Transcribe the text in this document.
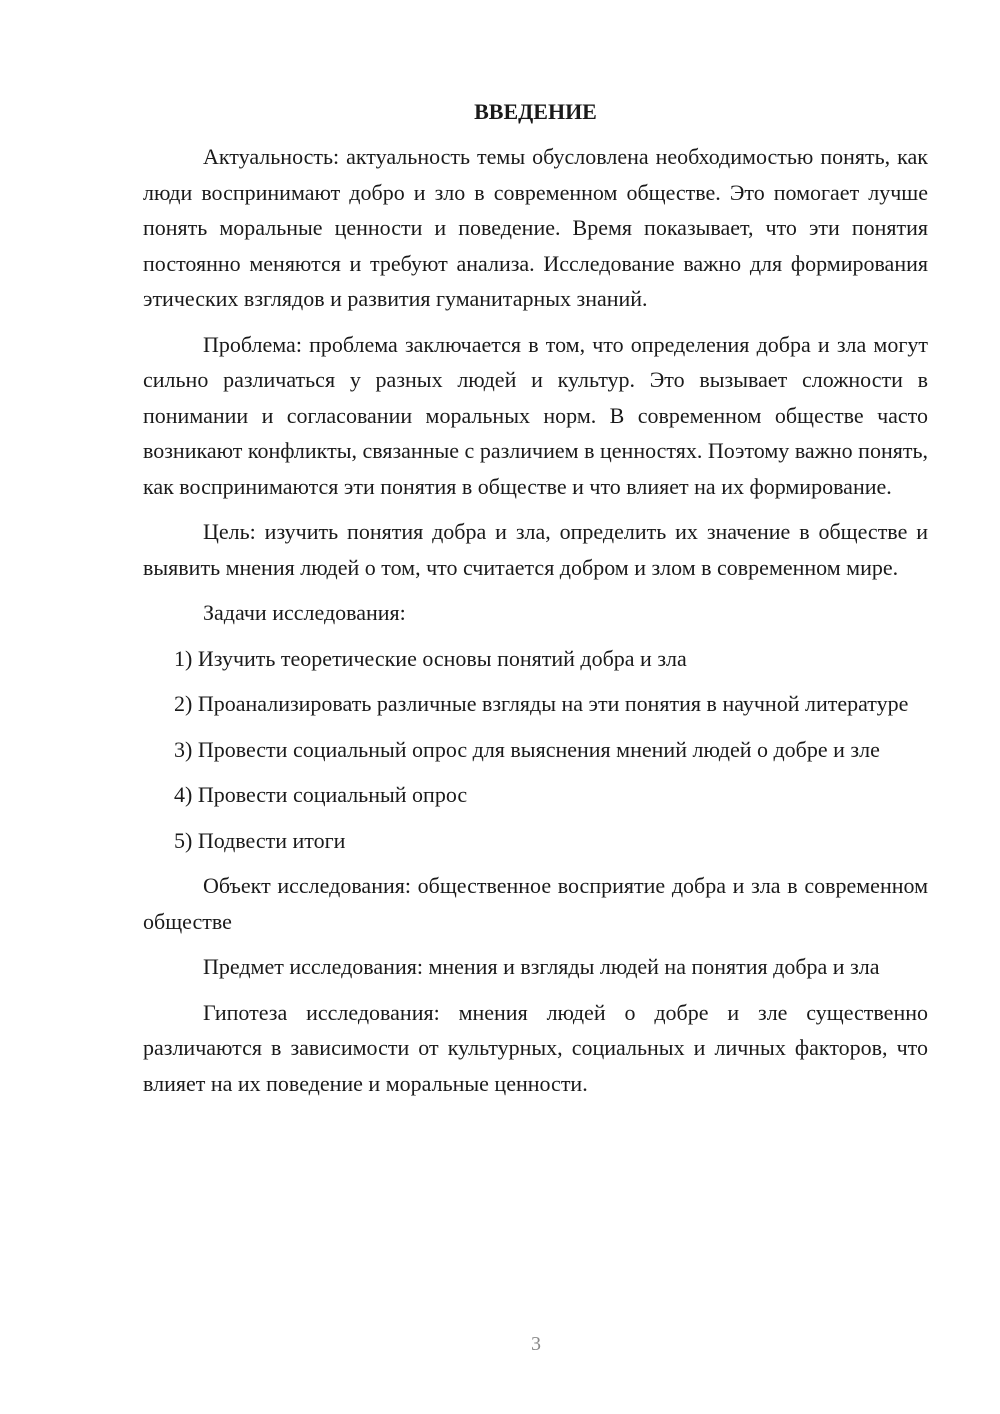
ВВЕДЕНИЕ

Актуальность: актуальность темы обусловлена необходимостью понять, как люди воспринимают добро и зло в современном обществе. Это помогает лучше понять моральные ценности и поведение. Время показывает, что эти понятия постоянно меняются и требуют анализа. Исследование важно для формирования этических взглядов и развития гуманитарных знаний.

Проблема: проблема заключается в том, что определения добра и зла могут сильно различаться у разных людей и культур. Это вызывает сложности в понимании и согласовании моральных норм. В современном обществе часто возникают конфликты, связанные с различием в ценностях. Поэтому важно понять, как воспринимаются эти понятия в обществе и что влияет на их формирование.

Цель: изучить понятия добра и зла, определить их значение в обществе и выявить мнения людей о том, что считается добром и злом в современном мире.

Задачи исследования:

1) Изучить теоретические основы понятий добра и зла

2) Проанализировать различные взгляды на эти понятия в научной литературе

3) Провести социальный опрос для выяснения мнений людей о добре и зле

4) Провести социальный опрос

5) Подвести итоги

Объект исследования: общественное восприятие добра и зла в современном обществе

Предмет исследования: мнения и взгляды людей на понятия добра и зла

Гипотеза исследования: мнения людей о добре и зле существенно различаются в зависимости от культурных, социальных и личных факторов, что влияет на их поведение и моральные ценности.

3
